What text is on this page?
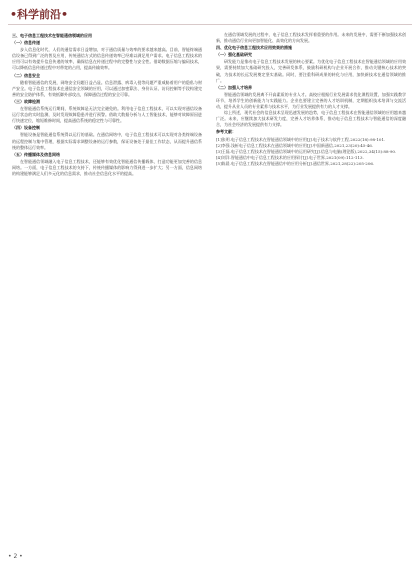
•科学前沿•
三、电子信息工程技术在智能通信领域的应用
（一）信息传递

步入信息化时代，人们的通信需求日益增加，对于通信质量与效率的要求越来越高。目前，智能终端通信设备已得到广泛的普及应用，传统通信方式的信息传递效率已经难以满足用户需求。电子信息工程技术的应用可以有效提升信息传递的效率，确保信息在传递过程中的完整性与安全性。借助数据压缩与编码技术，可以降低信息传递过程中对带宽的占用，提高传输效率。

（二）信息安全

随着智能通信的发展，网络安全问题日益凸显。信息泄露、病毒入侵等问题严重威胁着用户的隐私与财产安全。电子信息工程技术在通信安全领域的应用，可以通过加密算法、身份认证、访问控制等手段构建完善的安全防护体系，有效抵御外部攻击，保障通信过程的安全可靠。

（三）故障检测

在智能通信系统运行期间，系统故障是无法完全避免的。利用电子信息工程技术，可以实现对通信设备运行状态的实时监测，及时发现故障隐患并进行预警。借助大数据分析与人工智能技术，能够对故障原因进行快速定位，缩短维修时间，提高通信系统的稳定性与可靠性。

（四）设备控制

智能设备是智能通信系统得以运行的基础。在通信网络中，电子信息工程技术可以实现对各类终端设备的远程控制与集中管理，根据实际需求调整设备的运行参数，保证设备处于最佳工作状态，从而提升通信系统的整体运行效率。

（五）传播媒体及信息网络

在智能通信领域融入电子信息工程技术，还能够有效优化智能通信传播载体，打造功能更加完善的信息网络。一方面，电子信息工程技术的支持下，传统传播媒体的影响力得到进一步扩大；另一方面，信息网络的构建能够满足人们多元化的信息需求，推动社会信息化水平的提高。

在通信领域发展的过程中，电子信息工程技术发挥着重要的作用。未来的发展中，需要不断加强技术创新，推动通信行业向更加智能化、高效化的方向发展。

四、优化电子信息工程技术应用效果的措施
（一）强化基础研究

研发能力是推动电子信息工程技术发展的核心要素。为优化电子信息工程技术在智能通信领域的应用效果，需要持续加大基础研究投入，完善研发体系，鼓励科研机构与企业开展合作，推动关键核心技术的突破，为技术的长远发展奠定坚实基础。同时，要注重科研成果的转化与应用，加快新技术在通信领域的推广。

（二）加强人才培养

智能通信领域的发展离不开高素质的专业人才。高校应根据行业发展需求优化课程设置，加强实践教学环节，培养学生的创新能力与实践能力。企业也要建立完善的人才培训机制，定期组织技术培训与交流活动，提升从业人员的专业素养与技术水平，为行业发展提供有力的人才支撑。

综上所述，现代社会的信息技术呈现迅速发展的趋势，电子信息工程技术在智能通信领域的应用越来越广泛。未来，应继续加大技术研发力度，完善人才培养体系，推动电子信息工程技术与智能通信的深度融合，为社会经济的发展提供有力支撑。

参考文献：

[1]张明.电子信息工程技术在智能通信领域中的应用[J].电子技术与软件工程,2022(18):98-101.

[2]李强.浅析电子信息工程技术在通信领域中的应用[J].中国新通信,2021,23(20):45-46.

[3]王磊.电子信息工程技术在智能通信领域中的运用研究[J].信息与电脑(理论版),2022,34(15):88-90.

[4]刘洋.智能通信中电子信息工程技术的应用探讨[J].电子世界,2021(09):112-113.

[5]陈晨.电子信息工程技术在智能通信中的应用分析[J].通信世界,2021,28(22):205-206.

• 2 •
